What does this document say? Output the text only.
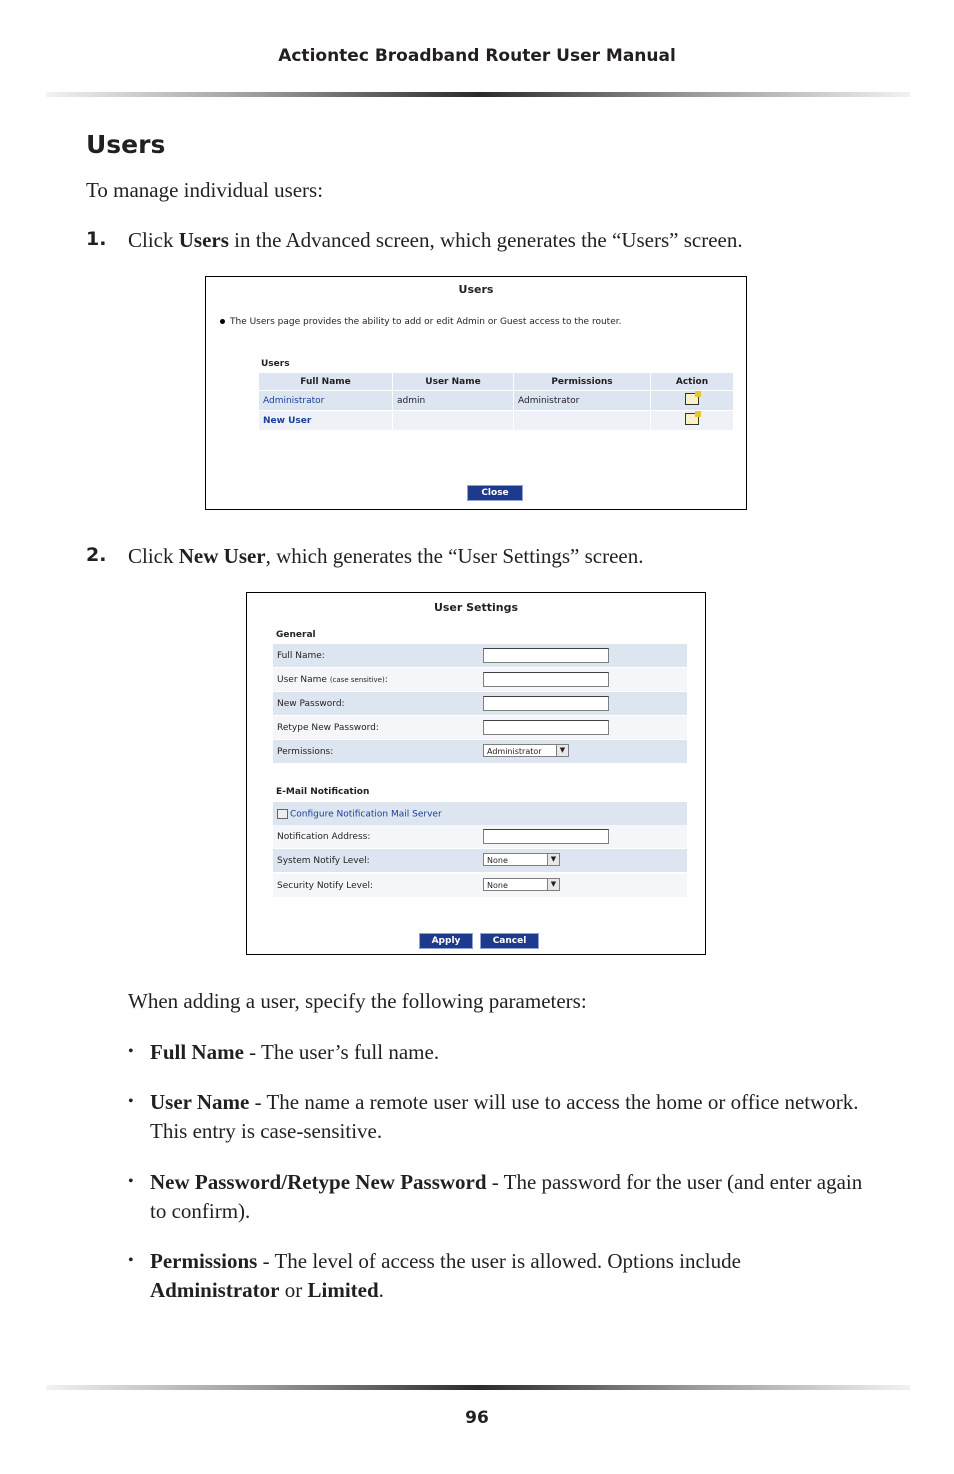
Actiontec Broadband Router User Manual
Users
To manage individual users:
1. Click Users in the Advanced screen, which generates the “Users” screen.
Users
The Users page provides the ability to add or edit Admin or Guest access to the router.
Users
Full Name	User Name	Permissions	Action
Administrator	admin	Administrator	
New User			
Close
2. Click New User, which generates the “User Settings” screen.
User Settings
General
Full Name:
User Name (case sensitive):
New Password:
Retype New Password:
Permissions:	Administrator	▼
E-Mail Notification
Configure Notification Mail Server
Notification Address:
System Notify Level:	None	▼
Security Notify Level:	None	▼
Apply	Cancel
When adding a user, specify the following parameters:
• Full Name - The user’s full name.
• User Name - The name a remote user will use to access the home or office network. This entry is case-sensitive.
• New Password/Retype New Password - The password for the user (and enter again to confirm).
• Permissions - The level of access the user is allowed. Options include Administrator or Limited.
96
